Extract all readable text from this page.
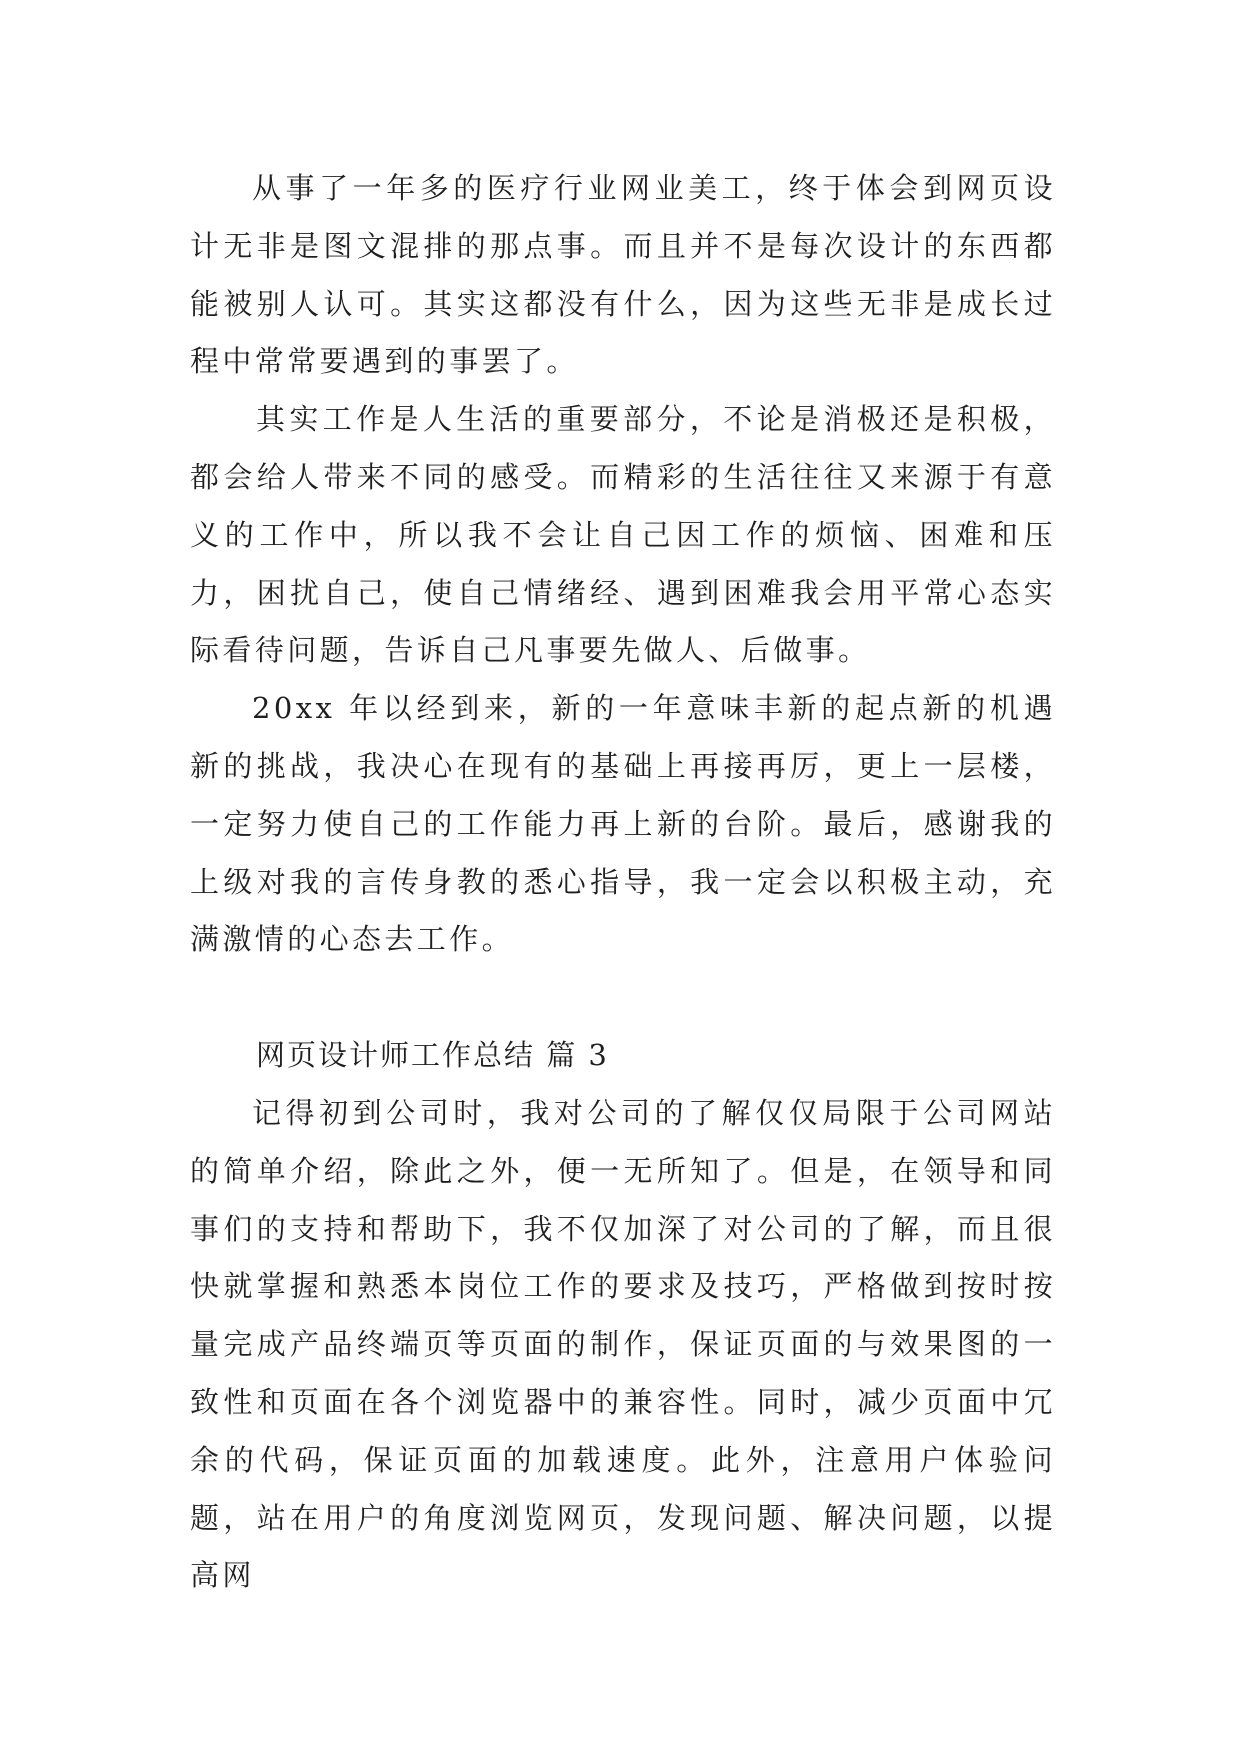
从事了一年多的医疗行业网业美工，终于体会到网页设计无非是图文混排的那点事。而且并不是每次设计的东西都能被别人认可。其实这都没有什么，因为这些无非是成长过程中常常要遇到的事罢了。

其实工作是人生活的重要部分，不论是消极还是积极，都会给人带来不同的感受。而精彩的生活往往又来源于有意义的工作中，所以我不会让自己因工作的烦恼、困难和压力，困扰自己，使自己情绪经、遇到困难我会用平常心态实际看待问题，告诉自己凡事要先做人、后做事。

20xx 年以经到来，新的一年意味丰新的起点新的机遇新的挑战，我决心在现有的基础上再接再厉，更上一层楼，一定努力使自己的工作能力再上新的台阶。最后，感谢我的上级对我的言传身教的悉心指导，我一定会以积极主动，充满激情的心态去工作。

网页设计师工作总结 篇 3

记得初到公司时，我对公司的了解仅仅局限于公司网站的简单介绍，除此之外，便一无所知了。但是，在领导和同事们的支持和帮助下，我不仅加深了对公司的了解，而且很快就掌握和熟悉本岗位工作的要求及技巧，严格做到按时按量完成产品终端页等页面的制作，保证页面的与效果图的一致性和页面在各个浏览器中的兼容性。同时，减少页面中冗余的代码，保证页面的加载速度。此外，注意用户体验问题，站在用户的角度浏览网页，发现问题、解决问题，以提高网
